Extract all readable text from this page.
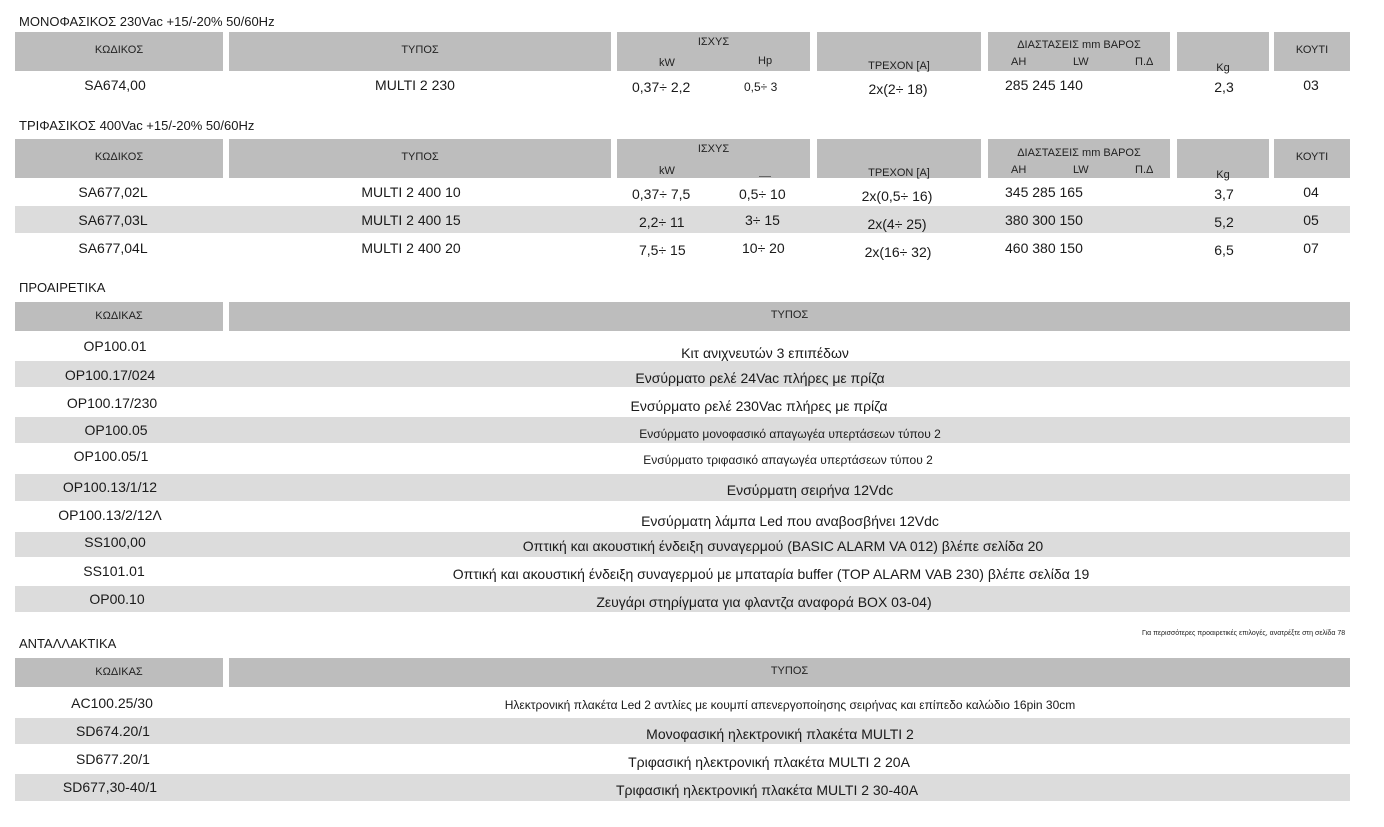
ΜΟΝΟΦΑΣΙΚΟΣ 230Vac +15/-20% 50/60Hz
ΚΩΔΙΚΟΣ	ΤΥΠΟΣ
ΙΣΧΥΣ
kW	Hp	ΤΡΕΧΟΝ [A]
ΔΙΑΣΤΑΣΕΙΣ mm ΒΑΡΟΣ
AH	LW	Π.Δ	Kg
ΚΟΥΤΙ
SA674,00	MULTI 2 230	0,37÷ 2,2	0,5÷ 3	2x(2÷ 18)	285 245 140	2,3	03
ΤΡΙΦΑΣΙΚΟΣ 400Vac +15/-20% 50/60Hz
ΚΩΔΙΚΟΣ	ΤΥΠΟΣ
ΙΣΧΥΣ
kW	ΤΡΕΧΟΝ [A]
ΔΙΑΣΤΑΣΕΙΣ mm ΒΑΡΟΣ
AH	LW	Π.Δ	Kg
ΚΟΥΤΙ
SA677,02L	MULTI 2 400 10	0,37÷ 7,5	0,5÷ 10	2x(0,5÷ 16)	345 285 165	3,7	04
SA677,03L	MULTI 2 400 15	2,2÷ 11	3÷ 15	2x(4÷ 25)	380 300 150	5,2	05
SA677,04L	MULTI 2 400 20	7,5÷ 15	10÷ 20	2x(16÷ 32)	460 380 150	6,5	07
ΠΡΟΑΙΡΕΤΙΚΑ
ΚΩΔΙΚΑΣ	ΤΥΠΟΣ
OP100.01	Κιτ ανιχνευτών 3 επιπέδων
OP100.17/024	Ενσύρματο ρελέ 24Vac πλήρες με πρίζα
OP100.17/230	Ενσύρματο ρελέ 230Vac πλήρες με πρίζα
OP100.05	Ενσύρματο μονοφασικό απαγωγέα υπερτάσεων τύπου 2
OP100.05/1	Ενσύρματο τριφασικό απαγωγέα υπερτάσεων τύπου 2
OP100.13/1/12	Ενσύρματη σειρήνα 12Vdc
OP100.13/2/12Λ	Ενσύρματη λάμπα Led που αναβοσβήνει 12Vdc
SS100,00	Οπτική και ακουστική ένδειξη συναγερμού (BASIC ALARM VA 012) βλέπε σελίδα 20
SS101.01	Οπτική και ακουστική ένδειξη συναγερμού με μπαταρία buffer (TOP ALARM VAB 230) βλέπε σελίδα 19
OP00.10	Ζευγάρι στηρίγματα για φλαντζα αναφορά BOX 03-04)
Για περισσότερες προαιρετικές επιλογές, ανατρέξτε στη σελίδα 78
ΑΝΤΑΛΛΑΚΤΙΚΑ
ΚΩΔΙΚΑΣ	ΤΥΠΟΣ
AC100.25/30	Ηλεκτρονική πλακέτα Led 2 αντλίες με κουμπί απενεργοποίησης σειρήνας και επίπεδο καλώδιο 16pin 30cm
SD674.20/1	Μονοφασική ηλεκτρονική πλακέτα MULTI 2
SD677.20/1	Τριφασική ηλεκτρονική πλακέτα MULTI 2 20A
SD677,30-40/1	Τριφασική ηλεκτρονική πλακέτα MULTI 2 30-40A
